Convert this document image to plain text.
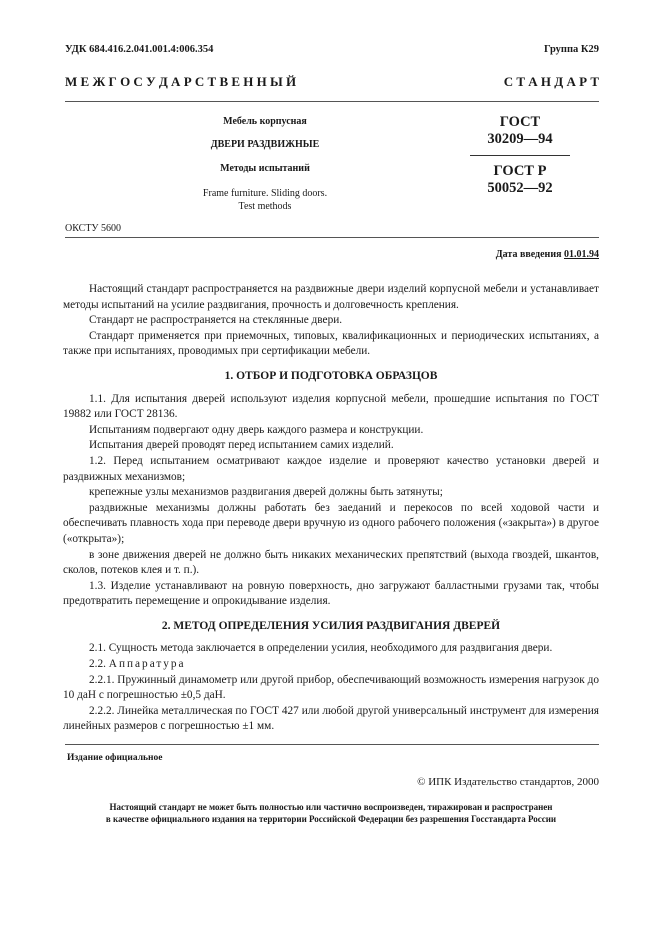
УДК 684.416.2.041.001.4:006.354	Группа К29
М Е Ж Г О С У Д А Р С Т В Е Н Н Ы Й	С Т А Н Д А Р Т
Мебель корпусная
ДВЕРИ РАЗДВИЖНЫЕ
Методы испытаний
Frame furniture. Sliding doors.
Test methods
ГОСТ
30209—94
ГОСТ Р
50052—92
ОКСТУ 5600
Дата введения 01.01.94

Настоящий стандарт распространяется на раздвижные двери изделий корпусной мебели и устанавливает методы испытаний на усилие раздвигания, прочность и долговечность крепления.

Стандарт не распространяется на стеклянные двери.

Стандарт применяется при приемочных, типовых, квалификационных и периодических испытаниях, а также при испытаниях, проводимых при сертификации мебели.

1. ОТБОР И ПОДГОТОВКА ОБРАЗЦОВ

1.1. Для испытания дверей используют изделия корпусной мебели, прошедшие испытания по ГОСТ 19882 или ГОСТ 28136.

Испытаниям подвергают одну дверь каждого размера и конструкции.

Испытания дверей проводят перед испытанием самих изделий.

1.2. Перед испытанием осматривают каждое изделие и проверяют качество установки дверей и раздвижных механизмов;

крепежные узлы механизмов раздвигания дверей должны быть затянуты;

раздвижные механизмы должны работать без заеданий и перекосов по всей ходовой части и обеспечивать плавность хода при переводе двери вручную из одного рабочего положения («закрыта») в другое («открыта»);

в зоне движения дверей не должно быть никаких механических препятствий (выхода гвоздей, шкантов, сколов, потеков клея и т. п.).

1.3. Изделие устанавливают на ровную поверхность, дно загружают балластными грузами так, чтобы предотвратить перемещение и опрокидывание изделия.

2. МЕТОД ОПРЕДЕЛЕНИЯ УСИЛИЯ РАЗДВИГАНИЯ ДВЕРЕЙ

2.1. Сущность метода заключается в определении усилия, необходимого для раздвигания двери.

2.2. Аппаратура

2.2.1. Пружинный динамометр или другой прибор, обеспечивающий возможность измерения нагрузок до 10 даН с погрешностью ±0,5 даН.

2.2.2. Линейка металлическая по ГОСТ 427 или любой другой универсальный инструмент для измерения линейных размеров с погрешностью ±1 мм.

Издание официальное
© ИПК Издательство стандартов, 2000
Настоящий стандарт не может быть полностью или частично воспроизведен, тиражирован и распространен
в качестве официального издания на территории Российской Федерации без разрешения Госстандарта России
